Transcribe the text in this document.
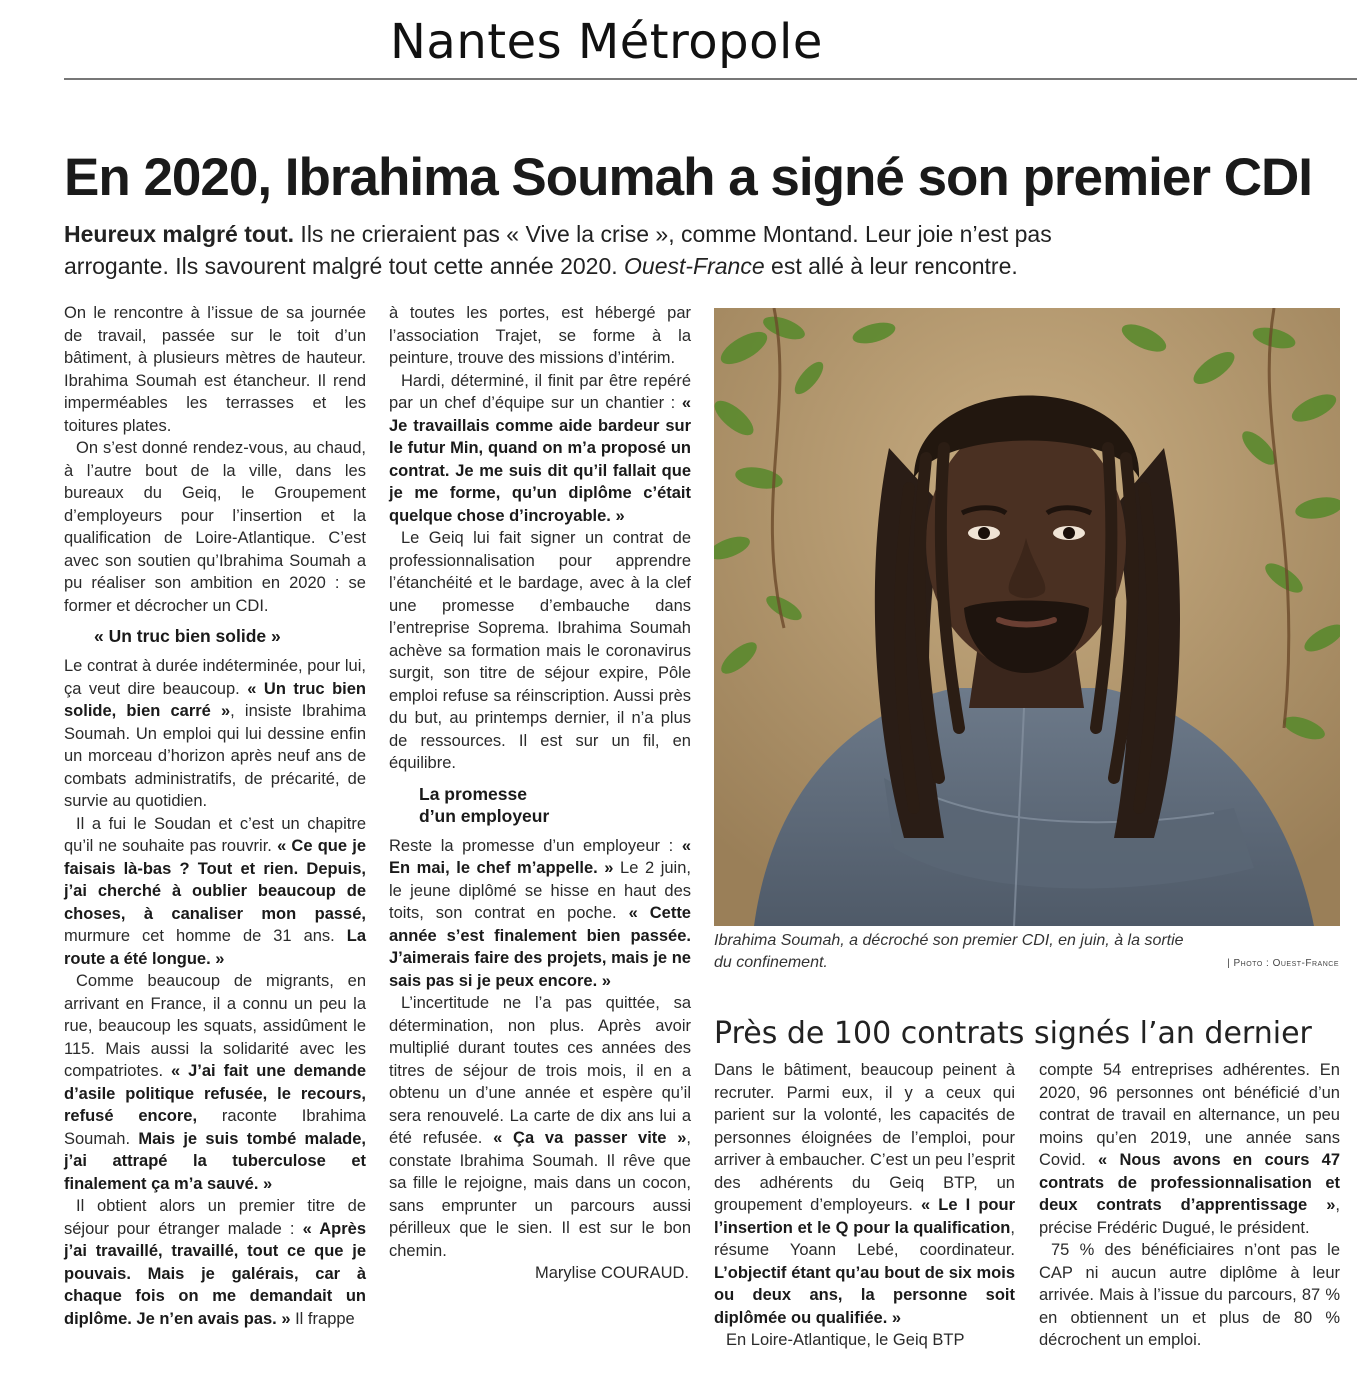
Nantes Métropole
En 2020, Ibrahima Soumah a signé son premier CDI
Heureux malgré tout. Ils ne crieraient pas « Vive la crise », comme Montand. Leur joie n’est pas
arrogante. Ils savourent malgré tout cette année 2020. Ouest-France est allé à leur rencontre.

On le rencontre à l’issue de sa journée de travail, passée sur le toit d’un bâtiment, à plusieurs mètres de hauteur. Ibrahima Soumah est étancheur. Il rend imperméables les terrasses et les toitures plates.

On s’est donné rendez-vous, au chaud, à l’autre bout de la ville, dans les bureaux du Geiq, le Groupement d’employeurs pour l’insertion et la qualification de Loire-Atlantique. C’est avec son soutien qu’Ibrahima Soumah a pu réaliser son ambition en 2020 : se former et décrocher un CDI.

« Un truc bien solide »

Le contrat à durée indéterminée, pour lui, ça veut dire beaucoup. « Un truc bien solide, bien carré », insiste Ibrahima Soumah. Un emploi qui lui dessine enfin un morceau d’horizon après neuf ans de combats administratifs, de précarité, de survie au quotidien.

Il a fui le Soudan et c’est un chapitre qu’il ne souhaite pas rouvrir. « Ce que je faisais là-bas ? Tout et rien. Depuis, j’ai cherché à oublier beaucoup de choses, à canaliser mon passé, murmure cet homme de 31 ans. La route a été longue. »

Comme beaucoup de migrants, en arrivant en France, il a connu un peu la rue, beaucoup les squats, assidûment le 115. Mais aussi la solidarité avec les compatriotes. « J’ai fait une demande d’asile politique refusée, le recours, refusé encore, raconte Ibrahima Soumah. Mais je suis tombé malade, j’ai attrapé la tuberculose et finalement ça m’a sauvé. »

Il obtient alors un premier titre de séjour pour étranger malade : « Après j’ai travaillé, travaillé, tout ce que je pouvais. Mais je galérais, car à chaque fois on me demandait un diplôme. Je n’en avais pas. » Il frappe

à toutes les portes, est hébergé par l’association Trajet, se forme à la peinture, trouve des missions d’intérim.

Hardi, déterminé, il finit par être repéré par un chef d’équipe sur un chantier : « Je travaillais comme aide bardeur sur le futur Min, quand on m’a proposé un contrat. Je me suis dit qu’il fallait que je me forme, qu’un diplôme c’était quelque chose d’incroyable. »

Le Geiq lui fait signer un contrat de professionnalisation pour apprendre l’étanchéité et le bardage, avec à la clef une promesse d’embauche dans l’entreprise Soprema. Ibrahima Soumah achève sa formation mais le coronavirus surgit, son titre de séjour expire, Pôle emploi refuse sa réinscription. Aussi près du but, au printemps dernier, il n’a plus de ressources. Il est sur un fil, en équilibre.

La promesse
d’un employeur

Reste la promesse d’un employeur : « En mai, le chef m’appelle. » Le 2 juin, le jeune diplômé se hisse en haut des toits, son contrat en poche. « Cette année s’est finalement bien passée. J’aimerais faire des projets, mais je ne sais pas si je peux encore. »

L’incertitude ne l’a pas quittée, sa détermination, non plus. Après avoir multiplié durant toutes ces années des titres de séjour de trois mois, il en a obtenu un d’une année et espère qu’il sera renouvelé. La carte de dix ans lui a été refusée. « Ça va passer vite », constate Ibrahima Soumah. Il rêve que sa fille le rejoigne, mais dans un cocon, sans emprunter un parcours aussi périlleux que le sien. Il est sur le bon chemin.

Marylise COURAUD.

Ibrahima Soumah, a décroché son premier CDI, en juin, à la sortie
du confinement.	| Photo : Ouest-France
Près de 100 contrats signés l’an dernier

Dans le bâtiment, beaucoup peinent à recruter. Parmi eux, il y a ceux qui parient sur la volonté, les capacités de personnes éloignées de l’emploi, pour arriver à embaucher. C’est un peu l’esprit des adhérents du Geiq BTP, un groupement d’employeurs. « Le I pour l’insertion et le Q pour la qualification, résume Yoann Lebé, coordinateur. L’objectif étant qu’au bout de six mois ou deux ans, la personne soit diplômée ou qualifiée. »

En Loire-Atlantique, le Geiq BTP

compte 54 entreprises adhérentes. En 2020, 96 personnes ont bénéficié d’un contrat de travail en alternance, un peu moins qu’en 2019, une année sans Covid. « Nous avons en cours 47 contrats de professionnalisation et deux contrats d’apprentissage », précise Frédéric Dugué, le président.

75 % des bénéficiaires n’ont pas le CAP ni aucun autre diplôme à leur arrivée. Mais à l’issue du parcours, 87 % en obtiennent un et plus de 80 % décrochent un emploi.
